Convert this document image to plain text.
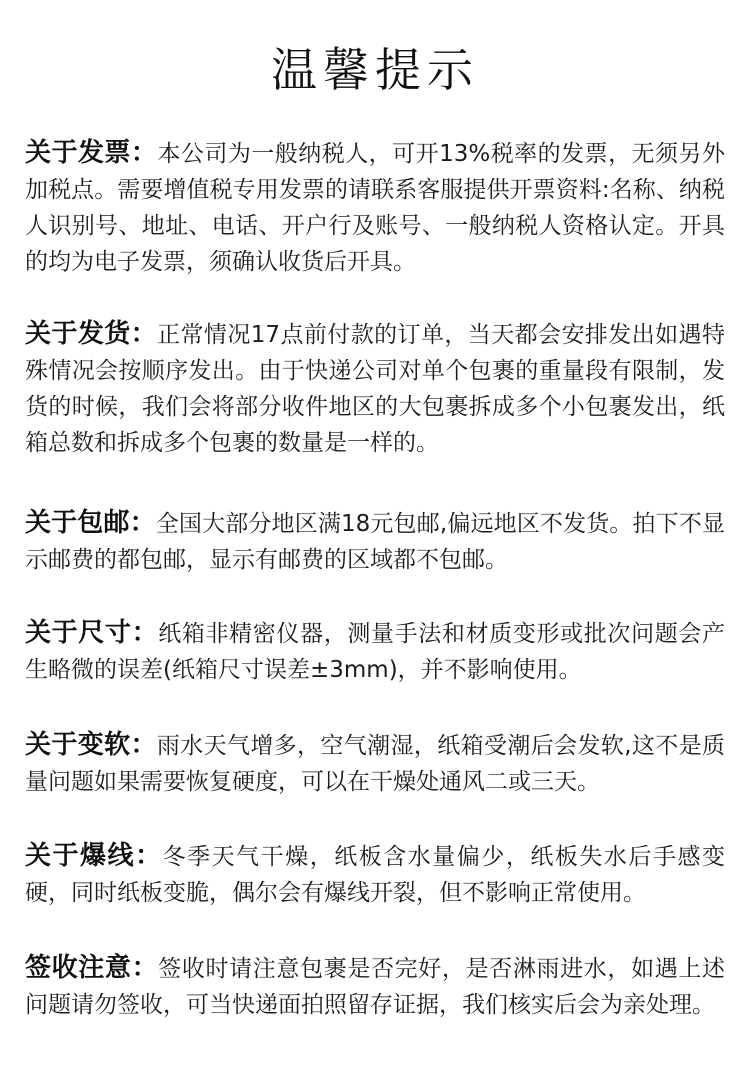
温馨提示

关于发票：本公司为一般纳税人，可开13%税率的发票，无须另外加税点。需要增值税专用发票的请联系客服提供开票资料:名称、纳税人识别号、地址、电话、开户行及账号、一般纳税人资格认定。开具的均为电子发票，须确认收货后开具。

关于发货：正常情况17点前付款的订单，当天都会安排发出如遇特殊情况会按顺序发出。由于快递公司对单个包裹的重量段有限制，发货的时候，我们会将部分收件地区的大包裹拆成多个小包裹发出，纸箱总数和拆成多个包裹的数量是一样的。

关于包邮：全国大部分地区满18元包邮,偏远地区不发货。拍下不显示邮费的都包邮，显示有邮费的区域都不包邮。

关于尺寸：纸箱非精密仪器，测量手法和材质变形或批次问题会产生略微的误差(纸箱尺寸误差±3mm)，并不影响使用。

关于变软：雨水天气增多，空气潮湿，纸箱受潮后会发软,这不是质量问题如果需要恢复硬度，可以在干燥处通风二或三天。

关于爆线：冬季天气干燥，纸板含水量偏少，纸板失水后手感变硬，同时纸板变脆，偶尔会有爆线开裂，但不影响正常使用。

签收注意：签收时请注意包裹是否完好，是否淋雨进水，如遇上述问题请勿签收，可当快递面拍照留存证据，我们核实后会为亲处理。
